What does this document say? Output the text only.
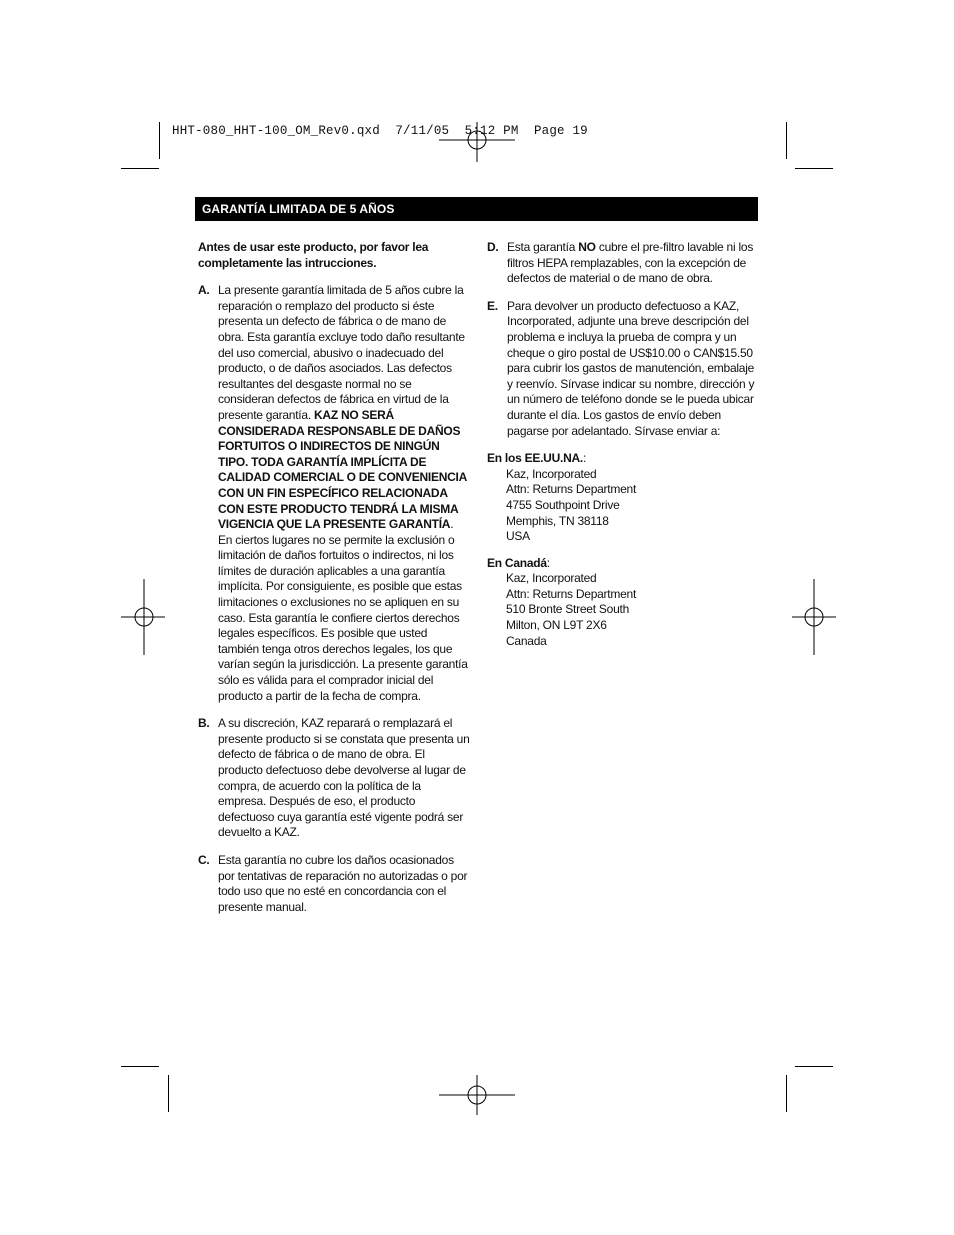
HHT-080_HHT-100_OM_Rev0.qxd  7/11/05  5:12 PM  Page 19
GARANTÍA LIMITADA DE 5 AÑOS

Antes de usar este producto, por favor lea completamente las intrucciones.

A. La presente garantía limitada de 5 años cubre la reparación o remplazo del producto si éste presenta un defecto de fábrica o de mano de obra. Esta garantía excluye todo daño resultante del uso comercial, abusivo o inadecuado del producto, o de daños asociados. Las defectos resultantes del desgaste normal no se consideran defectos de fábrica en virtud de la presente garantía. KAZ NO SERÁ CONSIDERADA RESPONSABLE DE DAÑOS FORTUITOS O INDIRECTOS DE NINGÚN TIPO. TODA GARANTÍA IMPLÍCITA DE CALIDAD COMERCIAL O DE CONVENIENCIA CON UN FIN ESPECÍFICO RELACIONADA CON ESTE PRODUCTO TENDRÁ LA MISMA VIGENCIA QUE LA PRESENTE GARANTÍA.

En ciertos lugares no se permite la exclusión o limitación de daños fortuitos o indirectos, ni los límites de duración aplicables a una garantía implícita. Por consiguiente, es posible que estas limitaciones o exclusiones no se apliquen en su caso. Esta garantía le confiere ciertos derechos legales específicos. Es posible que usted también tenga otros derechos legales, los que varían según la jurisdicción. La presente garantía sólo es válida para el comprador inicial del producto a partir de la fecha de compra.

B. A su discreción, KAZ reparará o remplazará el presente producto si se constata que presenta un defecto de fábrica o de mano de obra. El producto defectuoso debe devolverse al lugar de compra, de acuerdo con la política de la empresa. Después de eso, el producto defectuoso cuya garantía esté vigente podrá ser devuelto a KAZ.

C. Esta garantía no cubre los daños ocasionados por tentativas de reparación no autorizadas o por todo uso que no esté en concordancia con el presente manual.

D. Esta garantía NO cubre el pre-filtro lavable ni los filtros HEPA remplazables, con la excepción de defectos de material o de mano de obra.

E. Para devolver un producto defectuoso a KAZ, Incorporated, adjunte una breve descripción del problema e incluya la prueba de compra y un cheque o giro postal de US$10.00 o CAN$15.50 para cubrir los gastos de manutención, embalaje y reenvío. Sírvase indicar su nombre, dirección y un número de teléfono donde se le pueda ubicar durante el día. Los gastos de envío deben pagarse por adelantado. Sírvase enviar a:

En los EE.UU.NA.:

Kaz, Incorporated
Attn: Returns Department
4755 Southpoint Drive
Memphis, TN 38118
USA

En Canadá:

Kaz, Incorporated
Attn: Returns Department
510 Bronte Street South
Milton, ON L9T 2X6
Canada
